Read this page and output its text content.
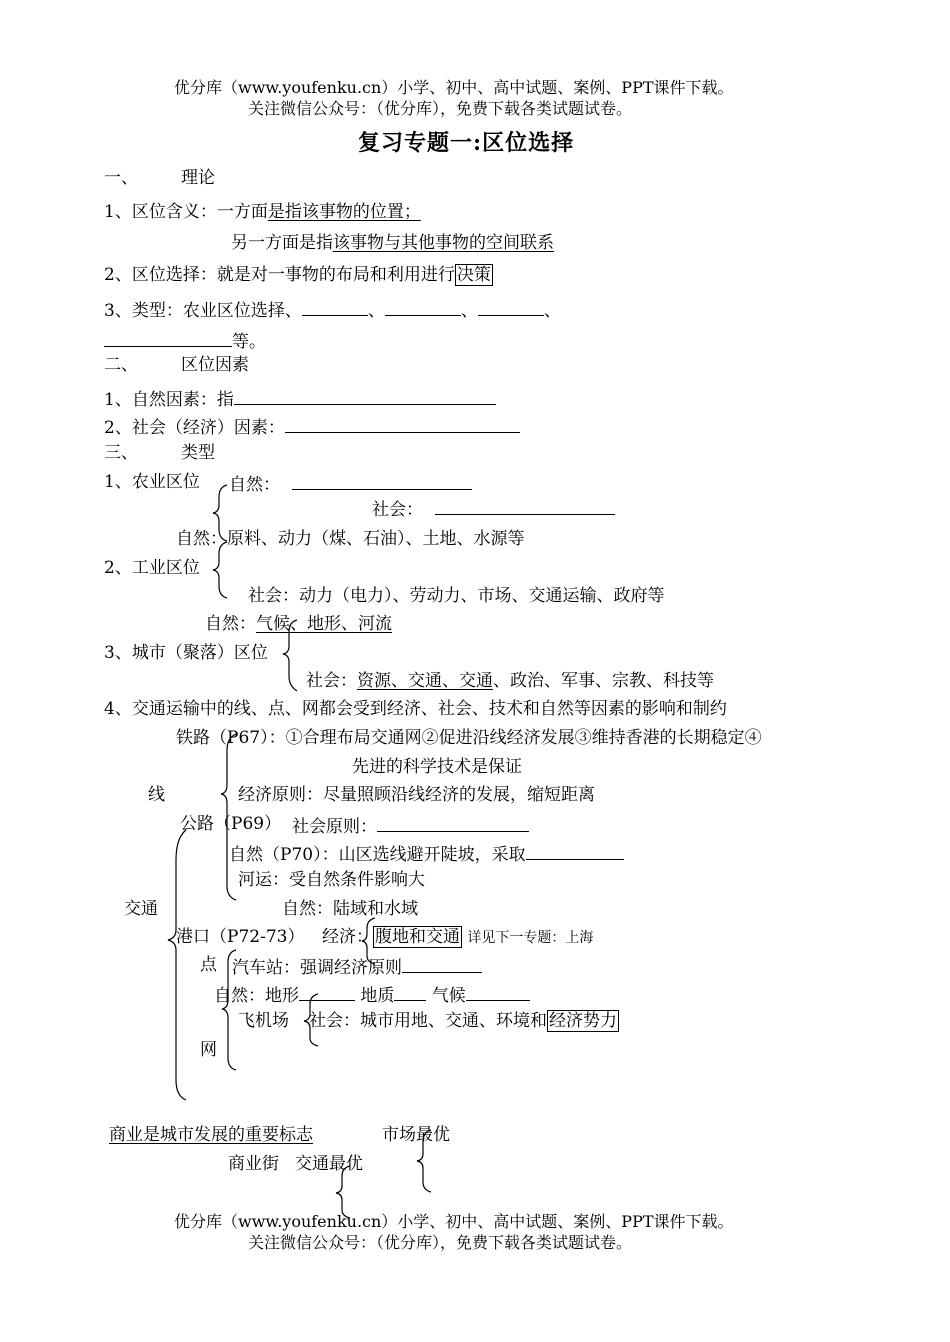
优分库（www.youfenku.cn）小学、初中、高中试题、案例、PPT课件下载。
关注微信公众号：（优分库），免费下载各类试题试卷。
复习专题一:区位选择
一、	理论
1、区位含义：一方面是指该事物的位置；
另一方面是指该事物与其他事物的空间联系
2、区位选择：就是对一事物的布局和利用进行 决策
3、类型：农业区位选择、	、	、	、
等。
二、	区位因素
1、自然因素：指
2、社会（经济）因素：
三、	类型
1、农业区位 自然：
社会：
自然：原料、动力（煤、石油）、土地、水源等
2、工业区位
社会：动力（电力）、劳动力、市场、交通运输、政府等
自然：气候、地形、河流
3、城市（聚落）区位
社会：资源、交通、交通、政治、军事、宗教、科技等
4、交通运输中的线、点、网都会受到经济、社会、技术和自然等因素的影响和制约
铁路（P67）：①合理布局交通网②促进沿线经济发展③维持香港的长期稳定④
先进的科学技术是保证
线	经济原则：尽量照顾沿线经济的发展，缩短距离
公路（P69） 社会原则：
自然（P70）：山区选线避开陡坡，采取
河运：受自然条件影响大
交通	自然：陆域和水域
港口（P72-73） 经济： 腹地和交通 详见下一专题：上海
点 汽车站：强调经济原则
自然：地形	地质 气候
飞机场 社会：城市用地、交通、环境和 经济势力
网
商业是城市发展的重要标志	市场最优
商业街 交通最优
优分库（www.youfenku.cn）小学、初中、高中试题、案例、PPT课件下载。
关注微信公众号：（优分库），免费下载各类试题试卷。
